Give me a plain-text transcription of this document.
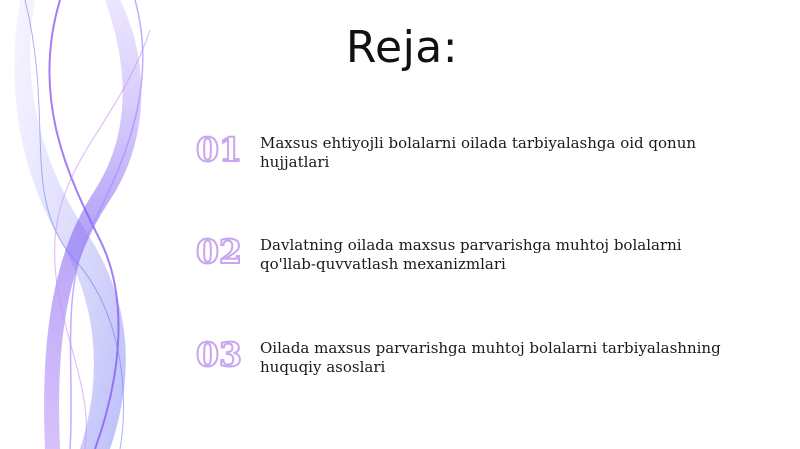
Reja:
01 Maxsus ehtiyojli bolalarni oilada tarbiyalashga oid qonun hujjatlari
02 Davlatning oilada maxsus parvarishga muhtoj bolalarni qo'llab-quvvatlash mexanizmlari
03 Oilada maxsus parvarishga muhtoj bolalarni tarbiyalashning huquqiy asoslari
